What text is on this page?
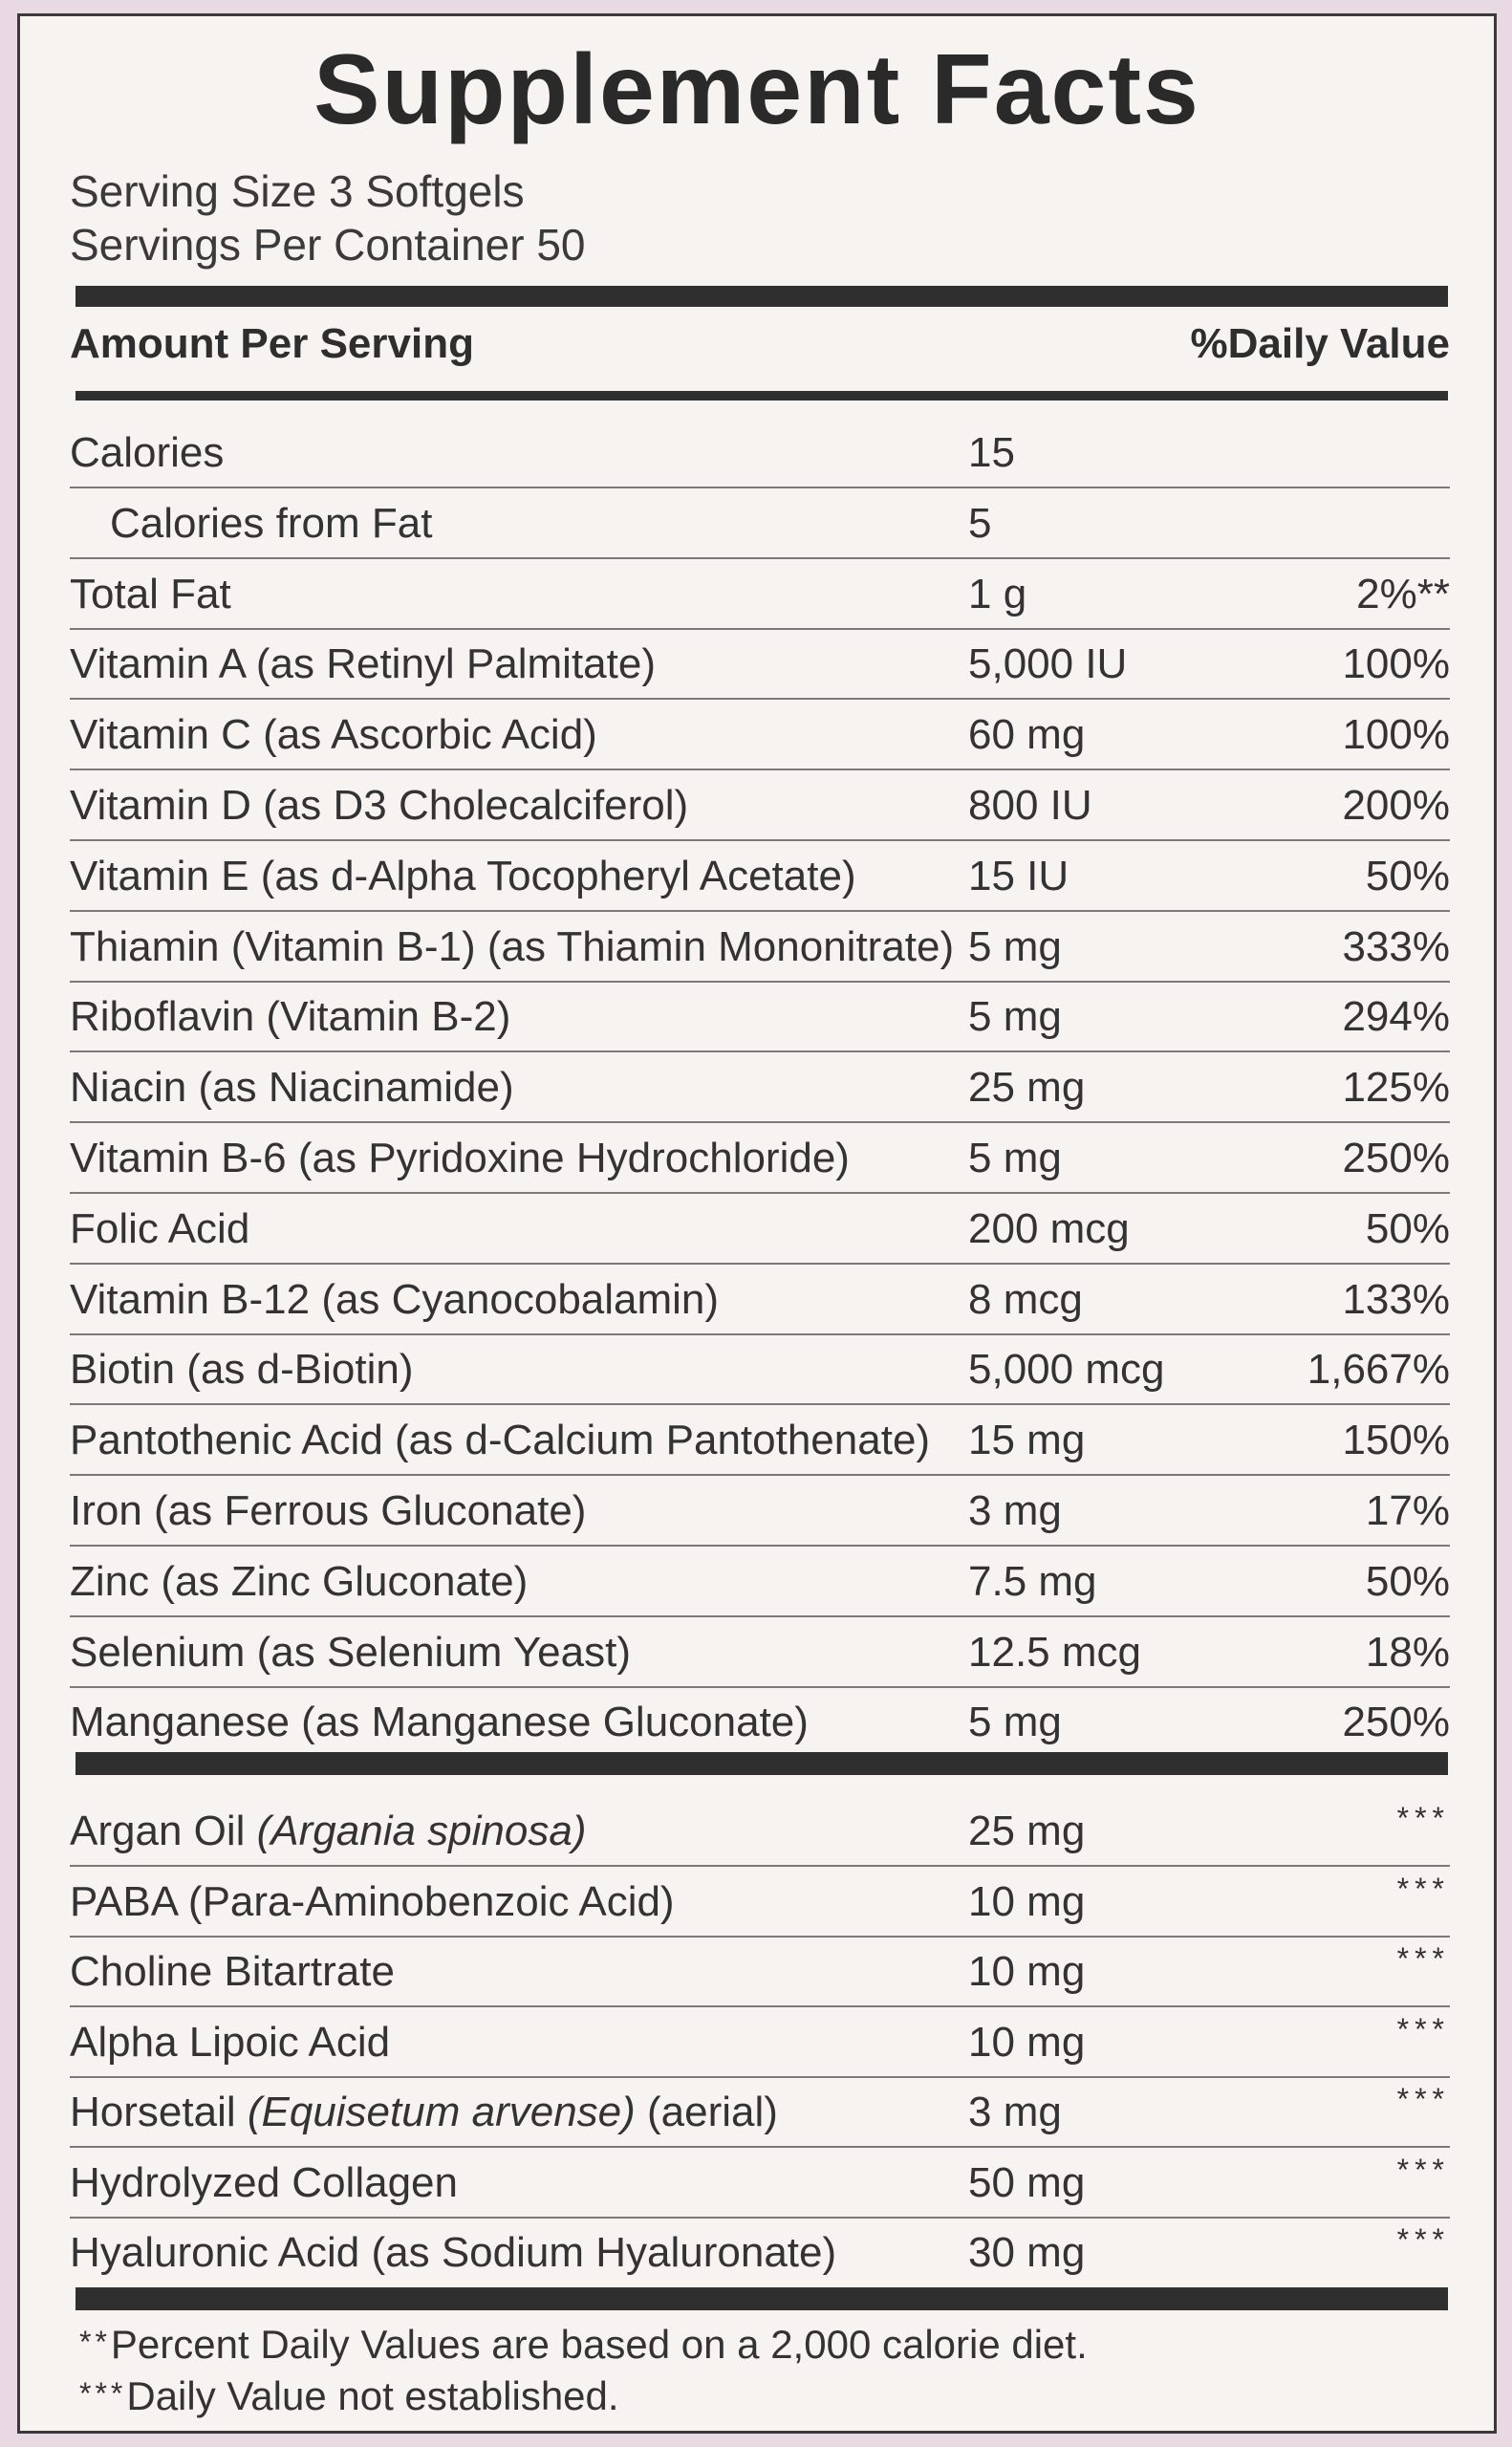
Supplement Facts
Serving Size 3 Softgels
Servings Per Container 50
Amount Per Serving	%Daily Value
Calories	15
Calories from Fat	5
Total Fat	1 g	2%**
Vitamin A (as Retinyl Palmitate)	5,000 IU	100%
Vitamin C (as Ascorbic Acid)	60 mg	100%
Vitamin D (as D3 Cholecalciferol)	800 IU	200%
Vitamin E (as d-Alpha Tocopheryl Acetate)	15 IU	50%
Thiamin (Vitamin B-1) (as Thiamin Mononitrate) 5 mg	333%
Riboflavin (Vitamin B-2)	5 mg	294%
Niacin (as Niacinamide)	25 mg	125%
Vitamin B-6 (as Pyridoxine Hydrochloride)	5 mg	250%
Folic Acid	200 mcg	50%
Vitamin B-12 (as Cyanocobalamin)	8 mcg	133%
Biotin (as d-Biotin)	5,000 mcg	1,667%
Pantothenic Acid (as d-Calcium Pantothenate) 15 mg	150%
Iron (as Ferrous Gluconate)	3 mg	17%
Zinc (as Zinc Gluconate)	7.5 mg	50%
Selenium (as Selenium Yeast)	12.5 mcg	18%
Manganese (as Manganese Gluconate)	5 mg	250%
Argan Oil (Argania spinosa)	25 mg	***
PABA (Para-Aminobenzoic Acid)	10 mg	***
Choline Bitartrate	10 mg	***
Alpha Lipoic Acid	10 mg	***
Horsetail (Equisetum arvense) (aerial)	3 mg	***
Hydrolyzed Collagen	50 mg	***
Hyaluronic Acid (as Sodium Hyaluronate)	30 mg	***
**Percent Daily Values are based on a 2,000 calorie diet.
***Daily Value not established.
